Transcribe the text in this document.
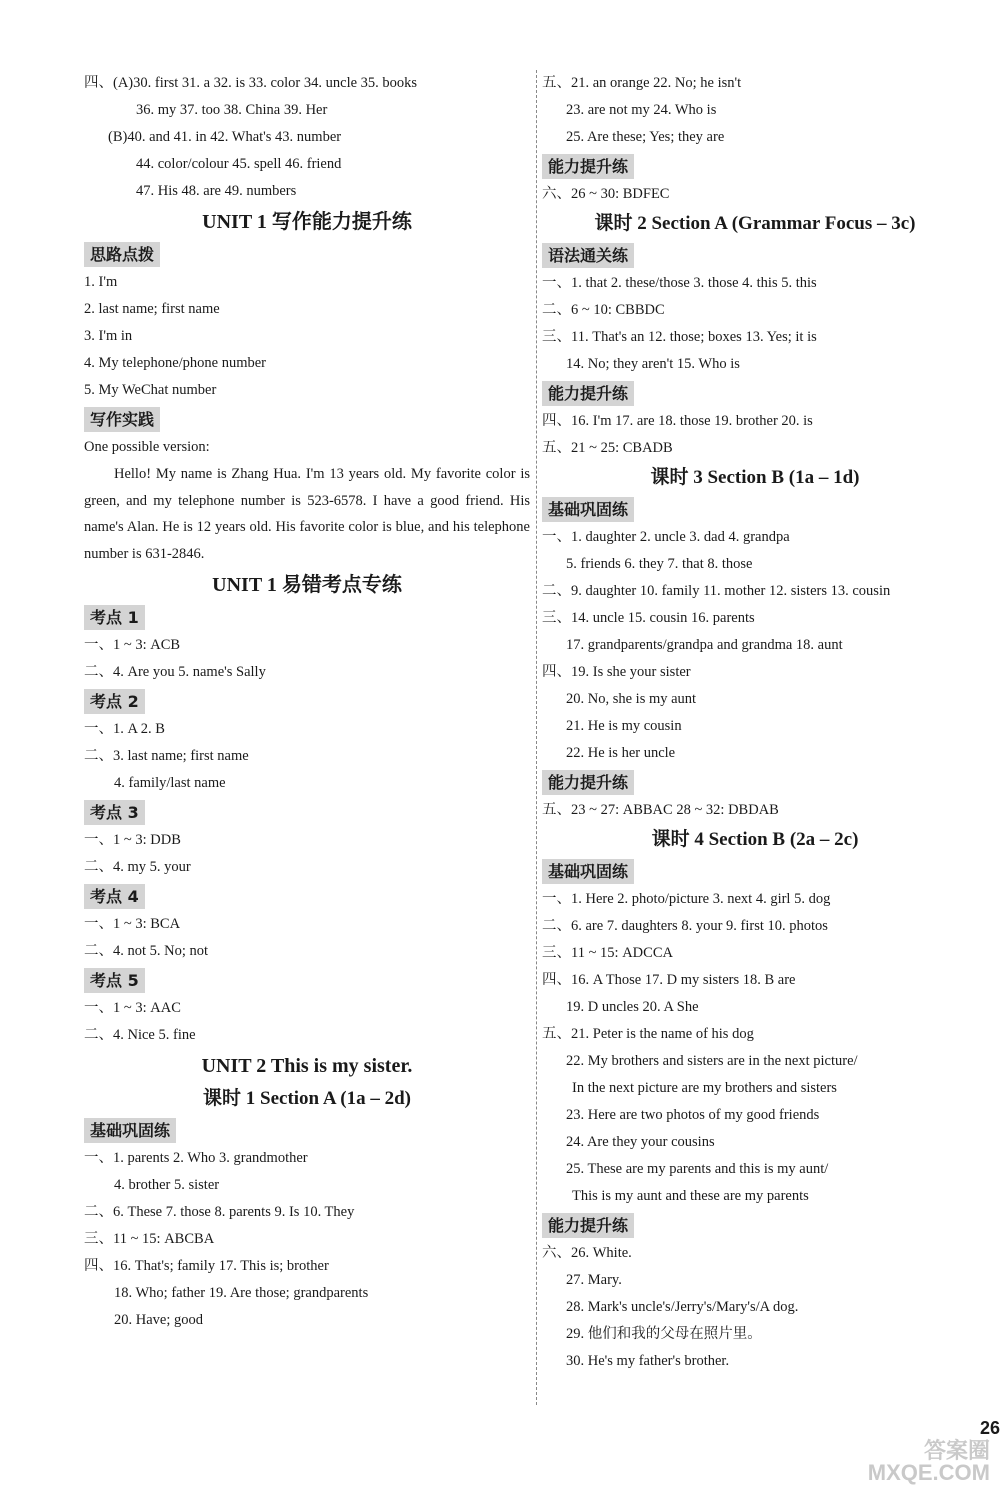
四、(A)30. first 31. a 32. is 33. color 34. uncle 35. books
36. my 37. too 38. China 39. Her
(B)40. and 41. in 42. What's 43. number
44. color/colour 45. spell 46. friend
47. His 48. are 49. numbers
UNIT 1 写作能力提升练
思路点拨
1. I'm
2. last name; first name
3. I'm in
4. My telephone/phone number
5. My WeChat number
写作实践
One possible version:
Hello! My name is Zhang Hua. I'm 13 years old. My favorite color is green, and my telephone number is 523-6578. I have a good friend. His name's Alan. He is 12 years old. His favorite color is blue, and his telephone number is 631-2846.
UNIT 1 易错考点专练
考点 1
一、1 ~ 3: ACB
二、4. Are you 5. name's Sally
考点 2
一、1. A 2. B
二、3. last name; first name
4. family/last name
考点 3
一、1 ~ 3: DDB
二、4. my 5. your
考点 4
一、1 ~ 3: BCA
二、4. not 5. No; not
考点 5
一、1 ~ 3: AAC
二、4. Nice 5. fine
UNIT 2 This is my sister.
课时 1 Section A (1a – 2d)
基础巩固练
一、1. parents 2. Who 3. grandmother
4. brother 5. sister
二、6. These 7. those 8. parents 9. Is 10. They
三、11 ~ 15: ABCBA
四、16. That's; family 17. This is; brother
18. Who; father 19. Are those; grandparents
20. Have; good
五、21. an orange 22. No; he isn't
23. are not my 24. Who is
25. Are these; Yes; they are
能力提升练
六、26 ~ 30: BDFEC
课时 2 Section A (Grammar Focus – 3c)
语法通关练
一、1. that 2. these/those 3. those 4. this 5. this
二、6 ~ 10: CBBDC
三、11. That's an 12. those; boxes 13. Yes; it is
14. No; they aren't 15. Who is
能力提升练
四、16. I'm 17. are 18. those 19. brother 20. is
五、21 ~ 25: CBADB
课时 3 Section B (1a – 1d)
基础巩固练
一、1. daughter 2. uncle 3. dad 4. grandpa
5. friends 6. they 7. that 8. those
二、9. daughter 10. family 11. mother 12. sisters 13. cousin
三、14. uncle 15. cousin 16. parents
17. grandparents/grandpa and grandma 18. aunt
四、19. Is she your sister
20. No, she is my aunt
21. He is my cousin
22. He is her uncle
能力提升练
五、23 ~ 27: ABBAC 28 ~ 32: DBDAB
课时 4 Section B (2a – 2c)
基础巩固练
一、1. Here 2. photo/picture 3. next 4. girl 5. dog
二、6. are 7. daughters 8. your 9. first 10. photos
三、11 ~ 15: ADCCA
四、16. A Those 17. D my sisters 18. B are
19. D uncles 20. A She
五、21. Peter is the name of his dog
22. My brothers and sisters are in the next picture/
In the next picture are my brothers and sisters
23. Here are two photos of my good friends
24. Are they your cousins
25. These are my parents and this is my aunt/
This is my aunt and these are my parents
能力提升练
六、26. White.
27. Mary.
28. Mark's uncle's/Jerry's/Mary's/A dog.
29. 他们和我的父母在照片里。
30. He's my father's brother.
26
答案圈
MXQE.COM
